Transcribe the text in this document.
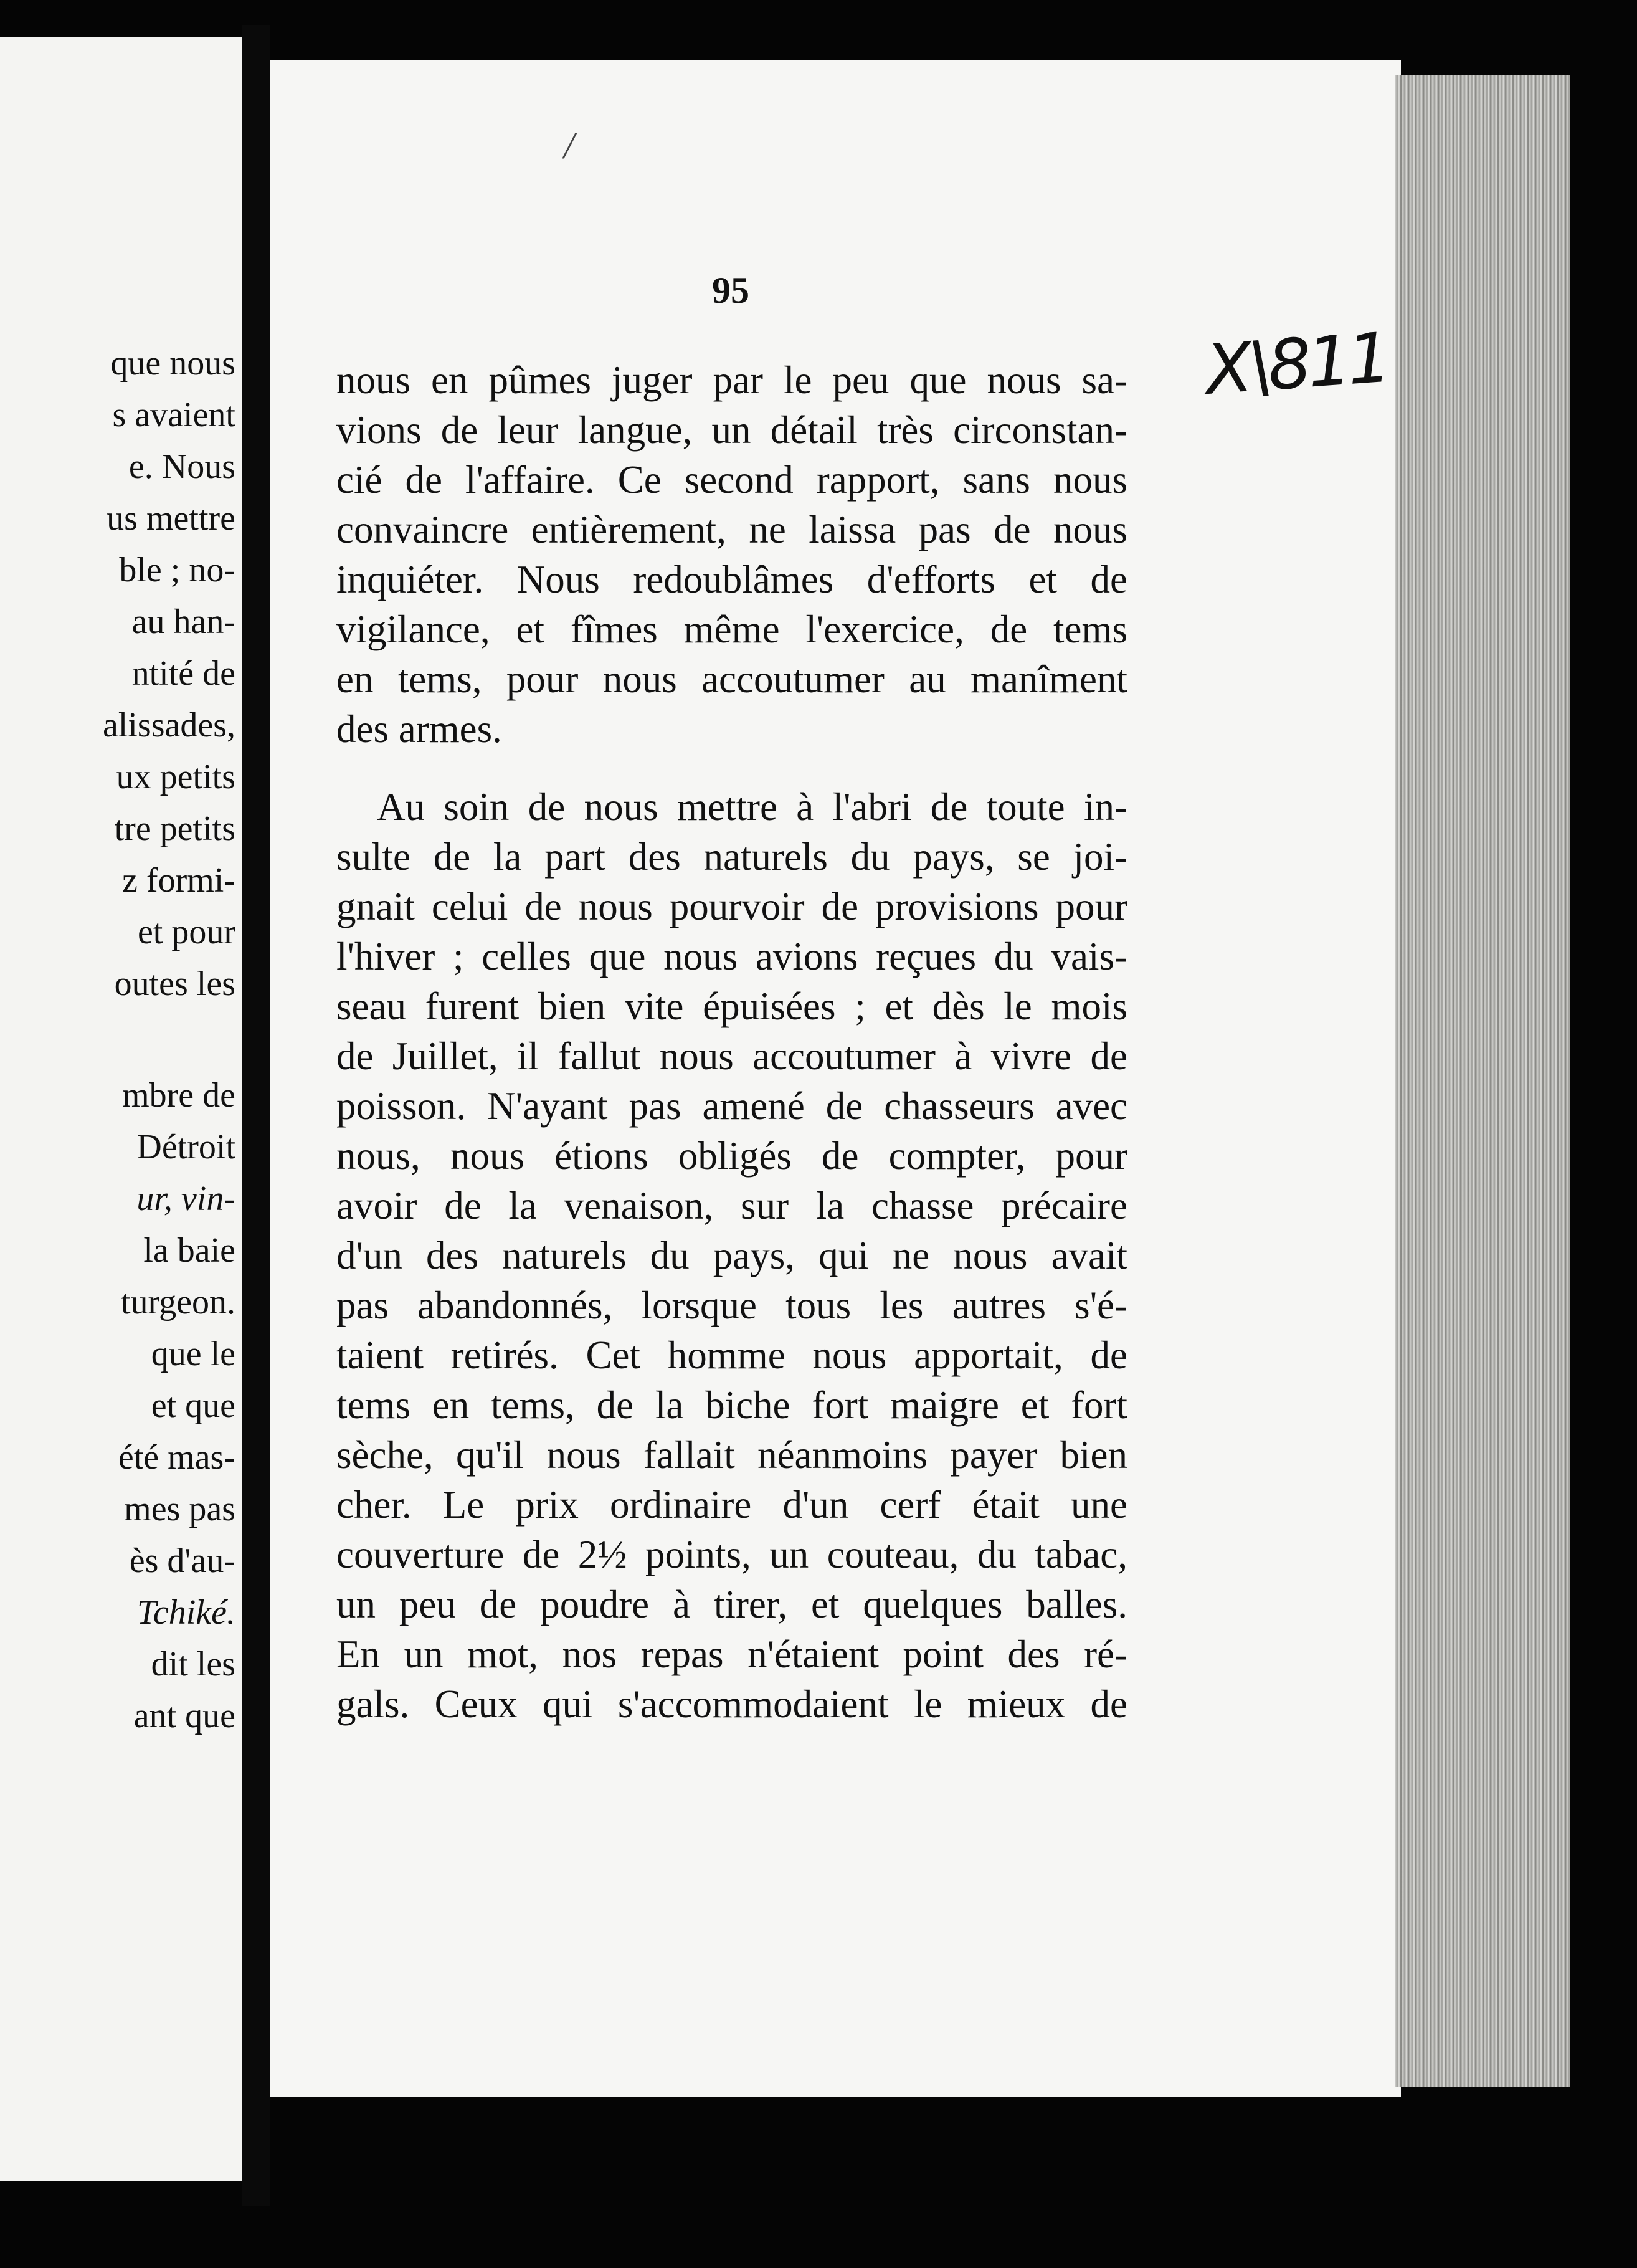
que nous
s avaient
e. Nous
us mettre
ble ; no-
au han-
ntité de
alissades,
ux petits
tre petits
z formi-
et pour
outes les
mbre de
Détroit
ur, vin-
la baie
turgeon.
que le
et que
été mas-
mes pas
ès d'au-
Tchiké.
dit les
ant que
/
95
X\811
nous en pûmes juger par le peu que nous sa-
vions de leur langue, un détail très circonstan-
cié de l'affaire. Ce second rapport, sans nous
convaincre entièrement, ne laissa pas de nous
inquiéter. Nous redoublâmes d'efforts et de
vigilance, et fîmes même l'exercice, de tems
en tems, pour nous accoutumer au manîment
des armes.
Au soin de nous mettre à l'abri de toute in-
sulte de la part des naturels du pays, se joi-
gnait celui de nous pourvoir de provisions pour
l'hiver ; celles que nous avions reçues du vais-
seau furent bien vite épuisées ; et dès le mois
de Juillet, il fallut nous accoutumer à vivre de
poisson. N'ayant pas amené de chasseurs avec
nous, nous étions obligés de compter, pour
avoir de la venaison, sur la chasse précaire
d'un des naturels du pays, qui ne nous avait
pas abandonnés, lorsque tous les autres s'é-
taient retirés. Cet homme nous apportait, de
tems en tems, de la biche fort maigre et fort
sèche, qu'il nous fallait néanmoins payer bien
cher. Le prix ordinaire d'un cerf était une
couverture de 2½ points, un couteau, du tabac,
un peu de poudre à tirer, et quelques balles.
En un mot, nos repas n'étaient point des ré-
gals. Ceux qui s'accommodaient le mieux de
